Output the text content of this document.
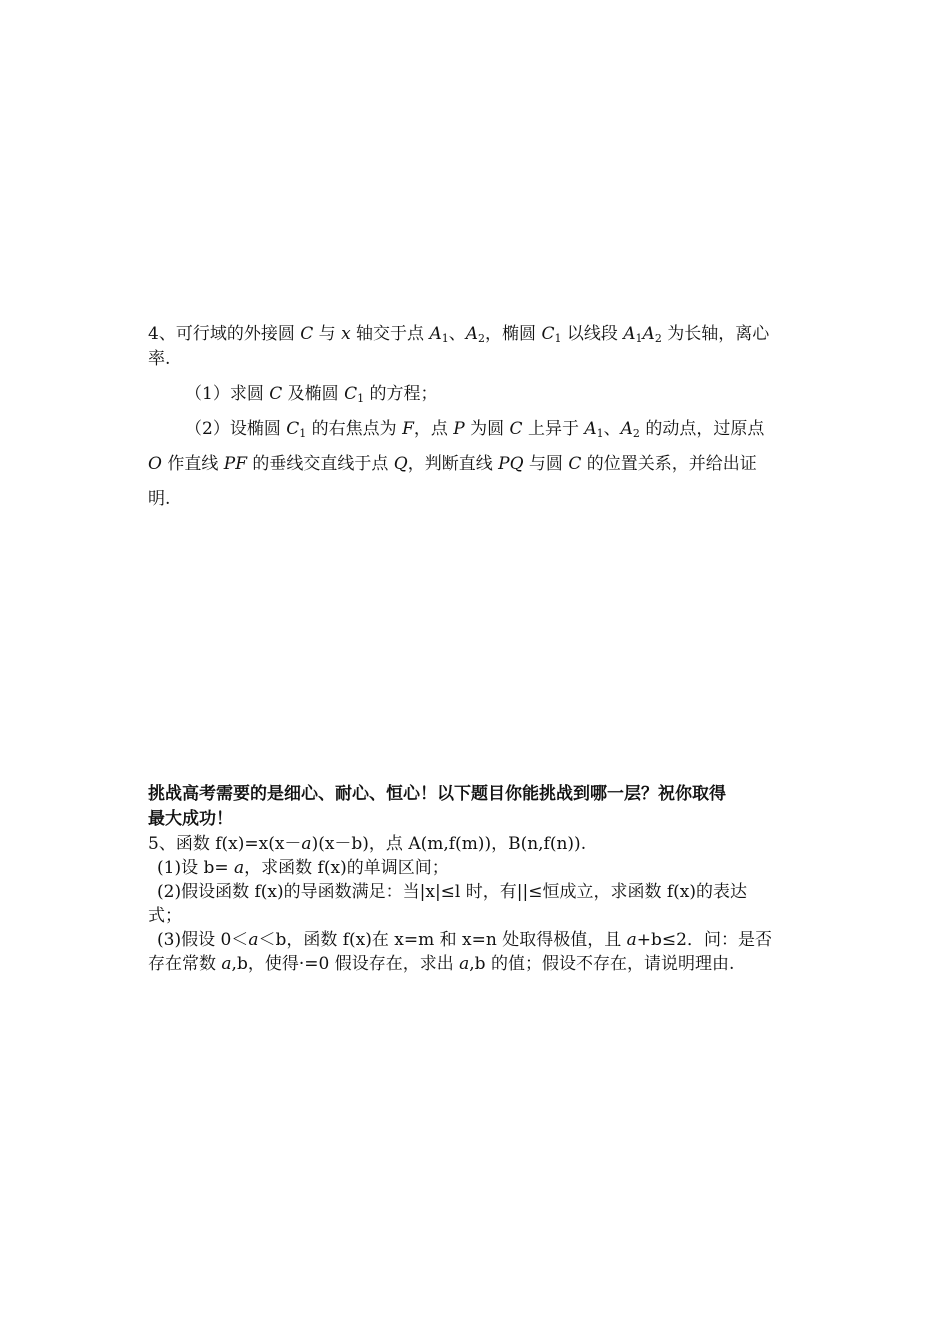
4、可行域的外接圆 C 与 x 轴交于点 $A_1$、$A_2$，椭圆 $C_1$ 以线段 $A_1A_2$ 为长轴，离心
率.
（1）求圆 C 及椭圆 $C_1$ 的方程；
（2）设椭圆 $C_1$ 的右焦点为 F，点 P 为圆 C 上异于 $A_1$、$A_2$ 的动点，过原点
O 作直线 PF 的垂线交直线于点 Q，判断直线 PQ 与圆 C 的位置关系，并给出证
明.
挑战高考需要的是细心、耐心、恒心！以下题目你能挑战到哪一层？祝你取得
最大成功！
5、函数 f(x)=x(x－a)(x－b)，点 A(m,f(m))，B(n,f(n)).
(1)设 b= a，求函数 f(x)的单调区间；
(2)假设函数 f(x)的导函数满足：当|x|≤l 时，有||≤恒成立，求函数 f(x)的表达
式；
(3)假设 0＜a＜b，函数 f(x)在 x=m 和 x=n 处取得极值，且 a+b≤2．问：是否
存在常数 a,b，使得·=0 假设存在，求出 a,b 的值；假设不存在，请说明理由.
